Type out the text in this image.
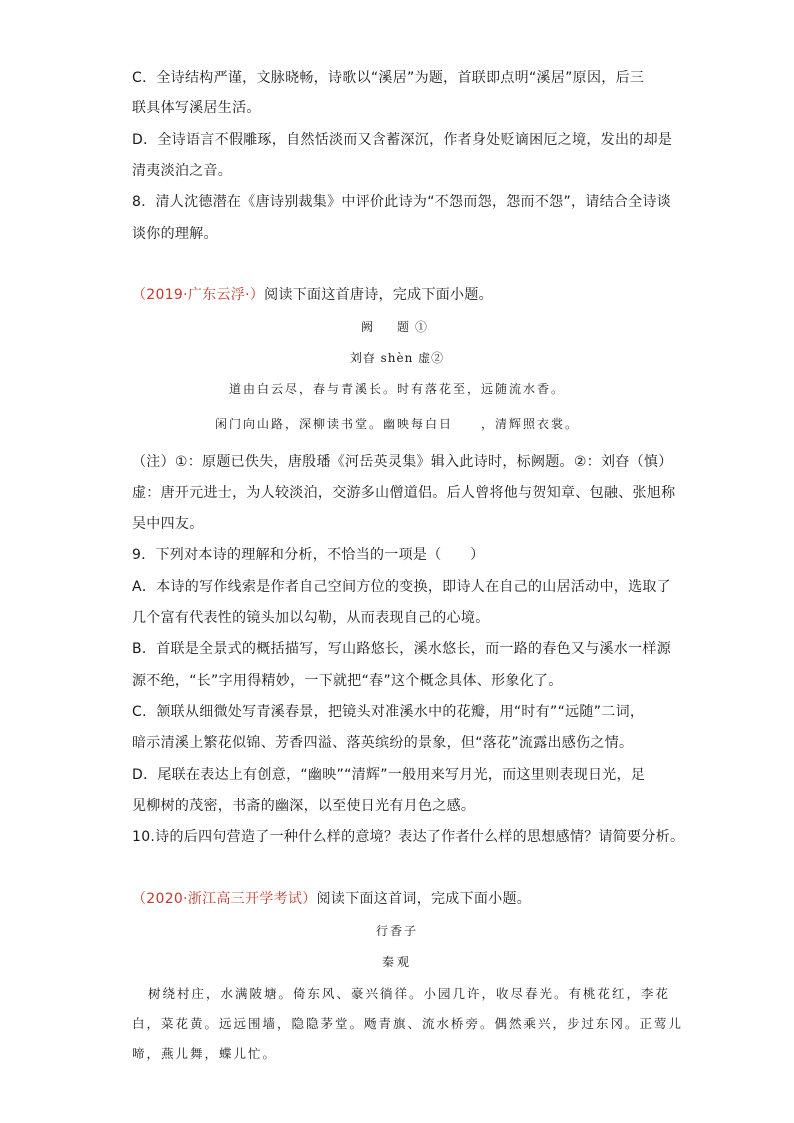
C．全诗结构严谨，文脉晓畅，诗歌以“溪居”为题，首联即点明“溪居”原因，后三
联具体写溪居生活。
D．全诗语言不假雕琢，自然恬淡而又含蓄深沉，作者身处贬谪困厄之境，发出的却是
清夷淡泊之音。
8．清人沈德潜在《唐诗别裁集》中评价此诗为“不怨而怨，怨而不怨”，请结合全诗谈
谈你的理解。
（2019·广东云浮·）阅读下面这首唐诗，完成下面小题。
阙　题①
刘昚 shèn 虚②
道由白云尽，春与青溪长。时有落花至，远随流水香。
闲门向山路，深柳读书堂。幽映每白日　　，清辉照衣裳。
（注）①：原题已佚失，唐殷璠《河岳英灵集》辑入此诗时，标阙题。②：刘昚（慎）
虚：唐开元进士，为人较淡泊，交游多山僧道侣。后人曾将他与贺知章、包融、张旭称
吴中四友。
9．下列对本诗的理解和分析，不恰当的一项是（　　）
A．本诗的写作线索是作者自己空间方位的变换，即诗人在自己的山居活动中，选取了
几个富有代表性的镜头加以勾勒，从而表现自己的心境。
B．首联是全景式的概括描写，写山路悠长，溪水悠长，而一路的春色又与溪水一样源
源不绝，“长”字用得精妙，一下就把“春”这个概念具体、形象化了。
C．颔联从细微处写青溪春景，把镜头对准溪水中的花瓣，用“时有”“远随”二词，
暗示清溪上繁花似锦、芳香四溢、落英缤纷的景象，但“落花”流露出感伤之情。
D．尾联在表达上有创意，“幽映”“清辉”一般用来写月光，而这里则表现日光，足
见柳树的茂密，书斋的幽深，以至使日光有月色之感。
10.诗的后四句营造了一种什么样的意境？表达了作者什么样的思想感情？请简要分析。
（2020·浙江高三开学考试）阅读下面这首词，完成下面小题。
行香子
秦观
树绕村庄，水满陂塘。倚东风、豪兴徜徉。小园几许，收尽春光。有桃花红，李花
白，菜花黄。远远围墙，隐隐茅堂。飏青旗、流水桥旁。偶然乘兴，步过东冈。正莺儿
啼，燕儿舞，蝶儿忙。
